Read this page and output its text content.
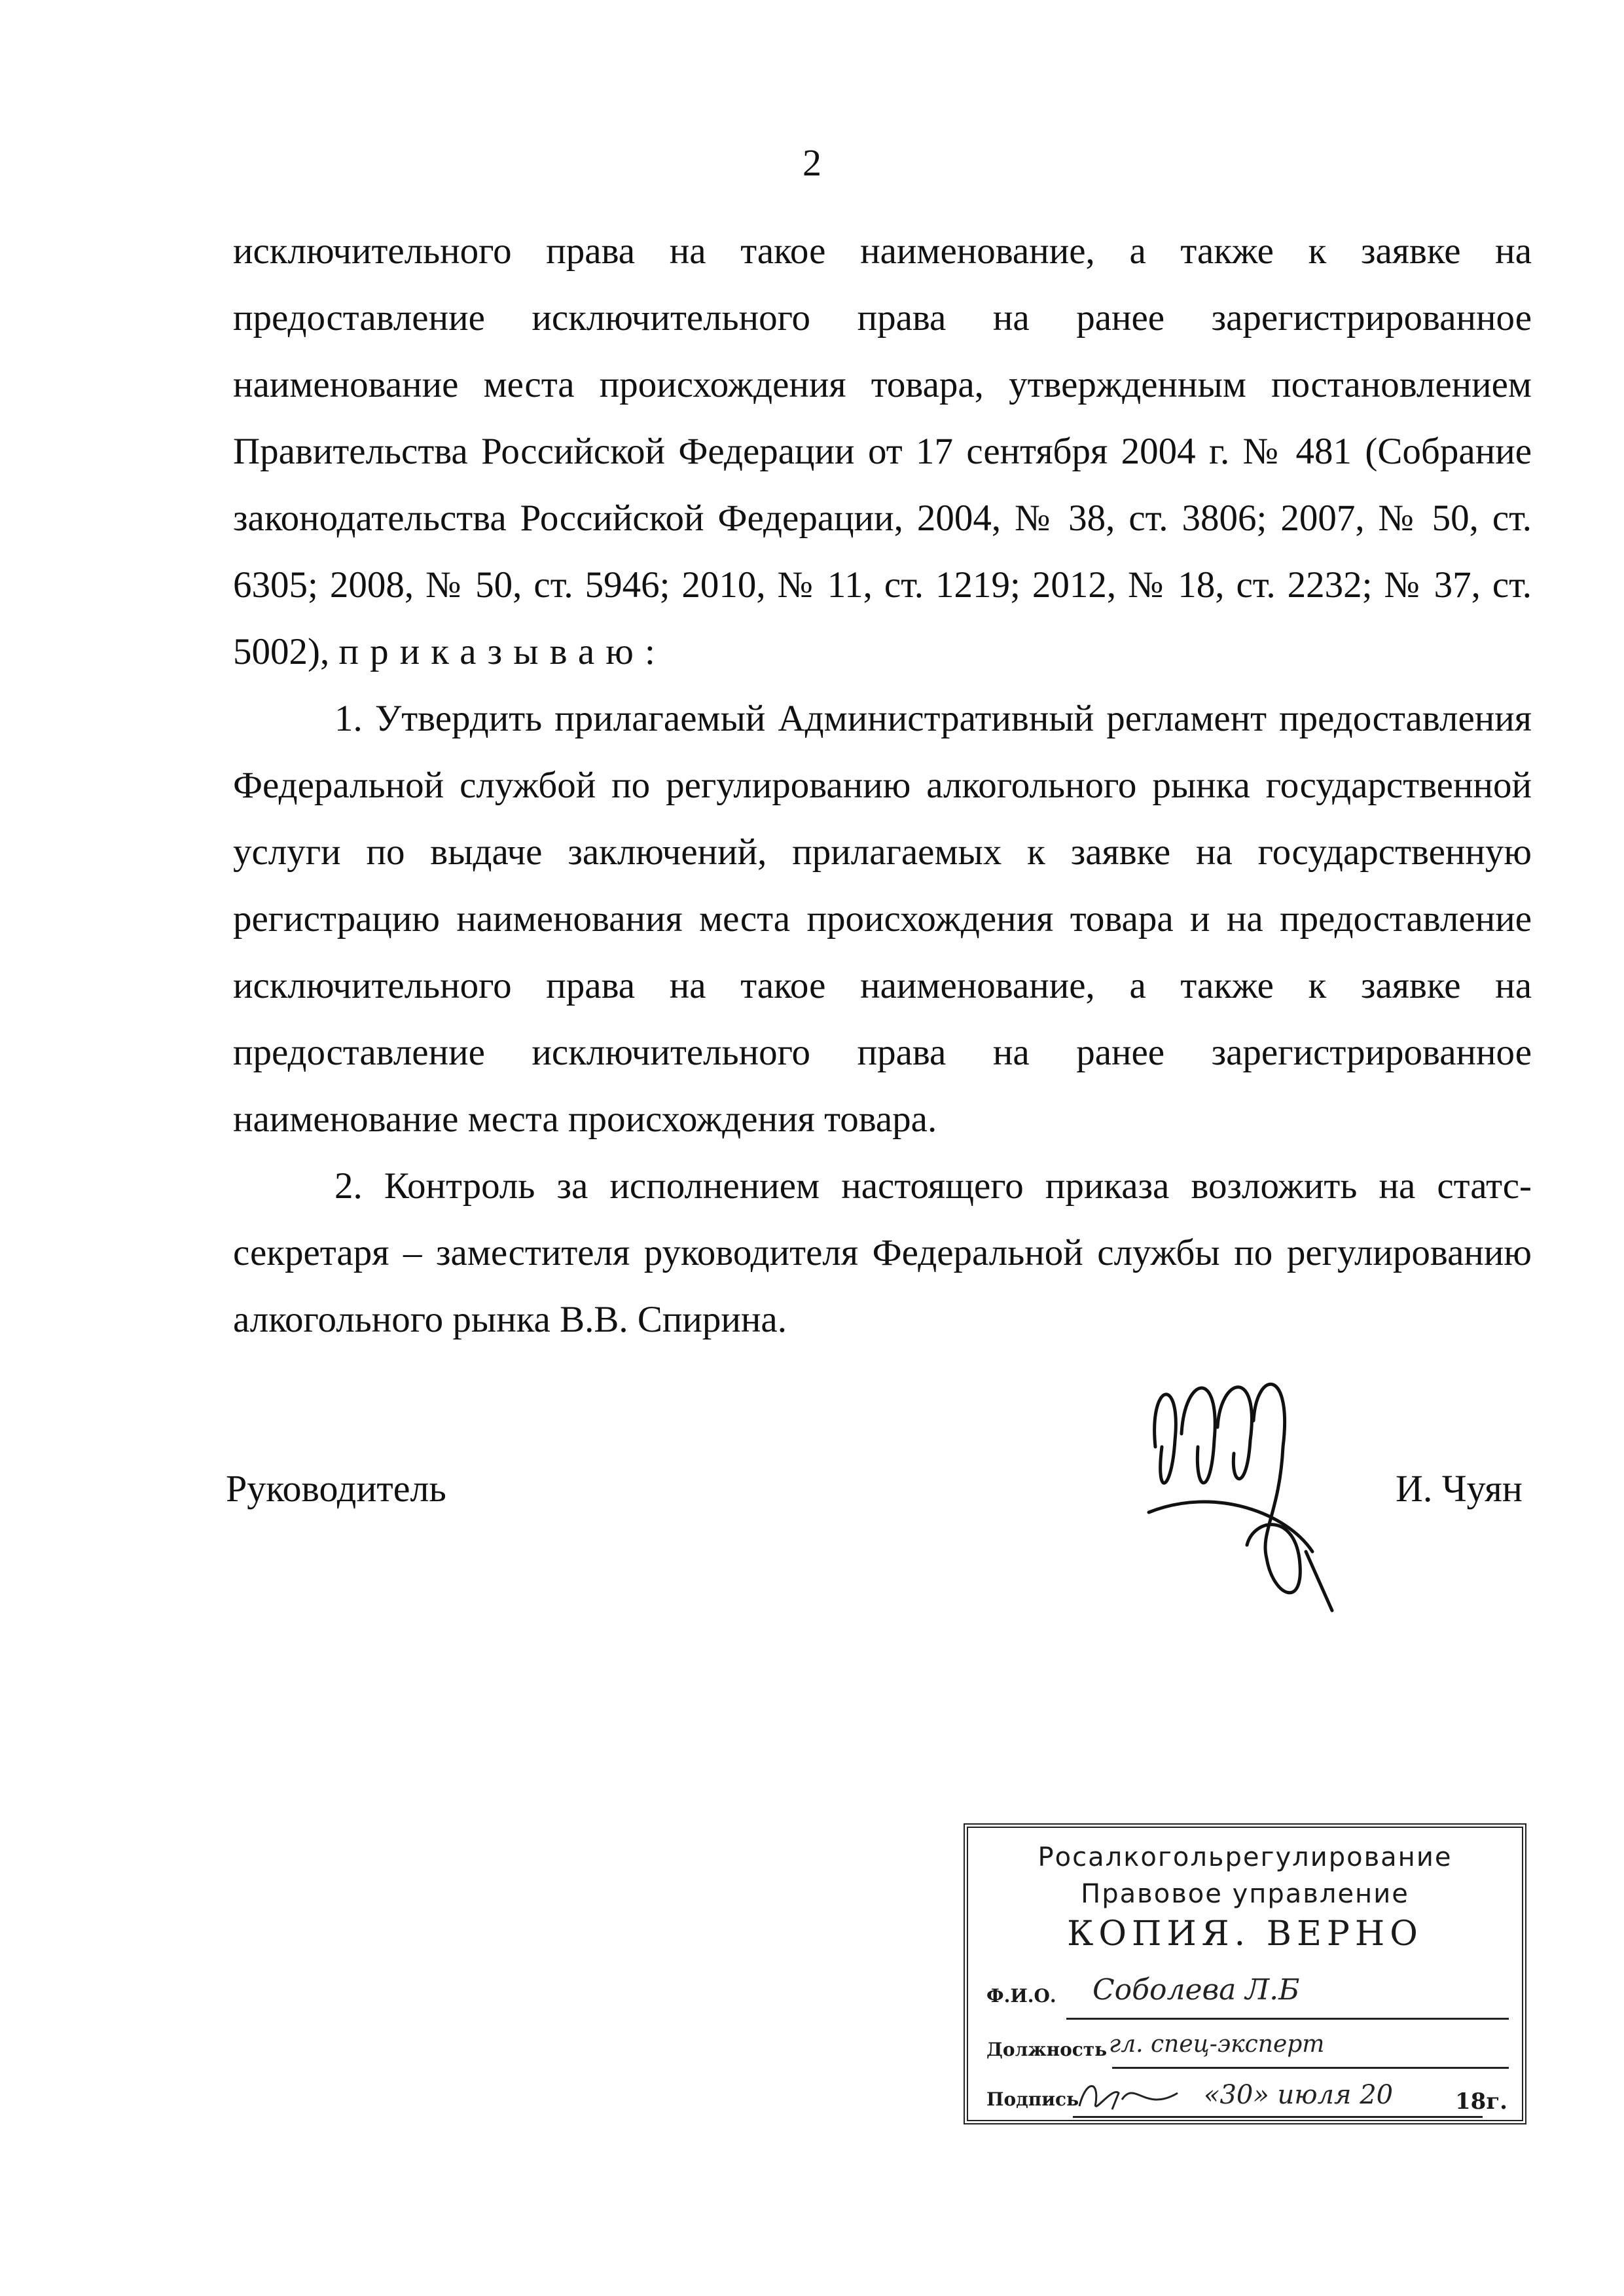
2

исключительного права на такое наименование, а также к заявке на предоставление исключительного права на ранее зарегистрированное наименование места происхождения товара, утвержденным постановлением Правительства Российской Федерации от 17 сентября 2004 г. № 481 (Собрание законодательства Российской Федерации, 2004, № 38, ст. 3806; 2007, № 50, ст. 6305; 2008, № 50, ст. 5946; 2010, № 11, ст. 1219; 2012, № 18, ст. 2232; № 37, ст. 5002), приказываю:

1. Утвердить прилагаемый Административный регламент предоставления Федеральной службой по регулированию алкогольного рынка государственной услуги по выдаче заключений, прилагаемых к заявке на государственную регистрацию наименования места происхождения товара и на предоставление исключительного права на такое наименование, а также к заявке на предоставление исключительного права на ранее зарегистрированное наименование места происхождения товара.

2. Контроль за исполнением настоящего приказа возложить на статс-секретаря – заместителя руководителя Федеральной службы по регулированию алкогольного рынка В.В. Спирина.

Руководитель	И. Чуян
Росалкогольрегулирование
Правовое управление
КОПИЯ. ВЕРНО
Ф.И.О. Соболева Л.Б
Должность гл. спец-эксперт
Подпись	«30» июля 20	18г.
